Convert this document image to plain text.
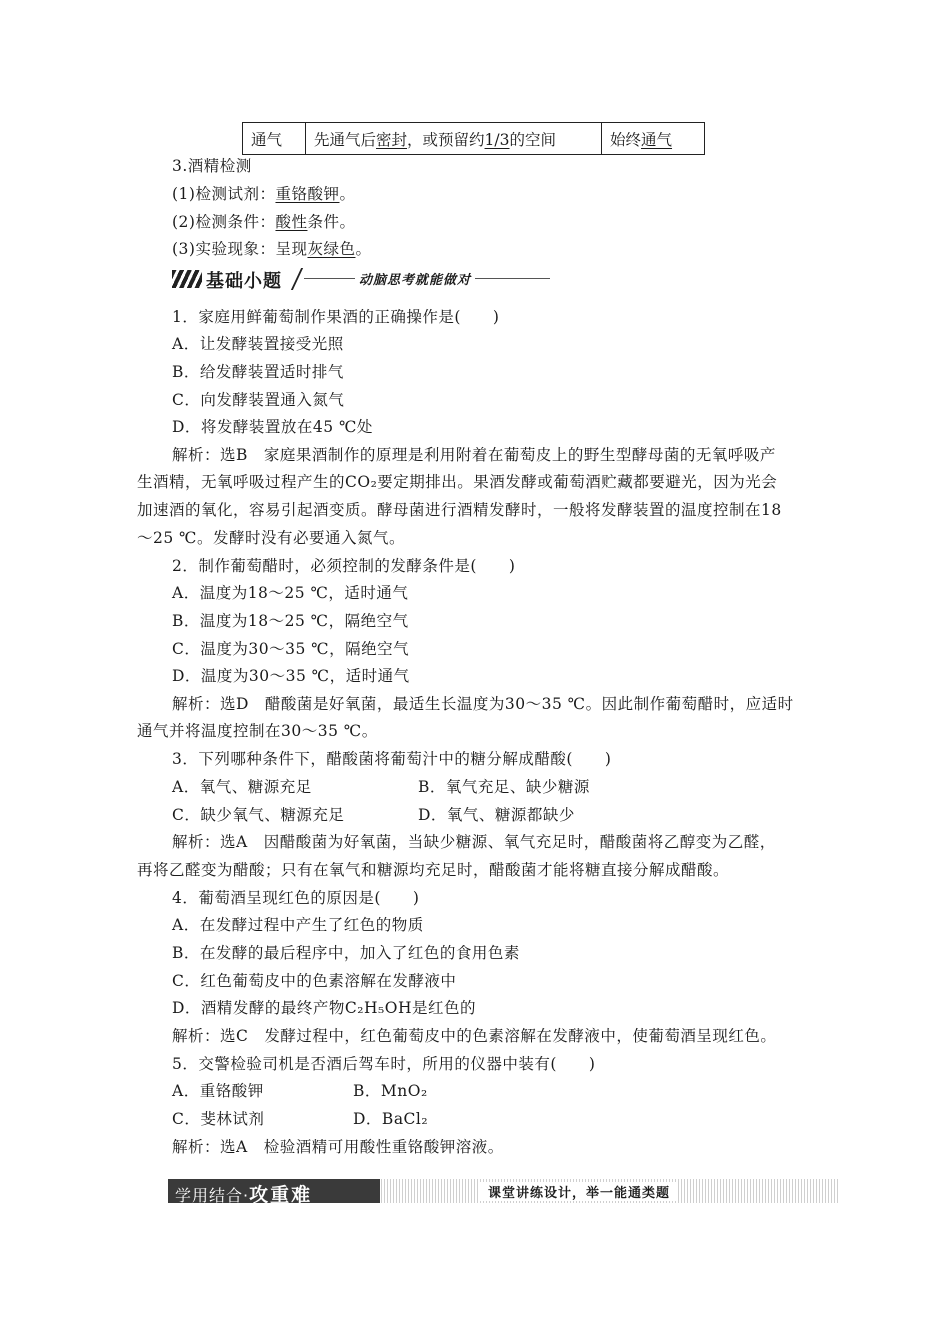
通气	先通气后密封，或预留约1/3的空间	始终通气
3.酒精检测
(1)检测试剂：重铬酸钾。
(2)检测条件：酸性条件。
(3)实验现象：呈现灰绿色。
基础小题	动脑思考就能做对
1．家庭用鲜葡萄制作果酒的正确操作是(　　)
A．让发酵装置接受光照
B．给发酵装置适时排气
C．向发酵装置通入氮气
D．将发酵装置放在45 ℃处
解析：选B　家庭果酒制作的原理是利用附着在葡萄皮上的野生型酵母菌的无氧呼吸产
生酒精，无氧呼吸过程产生的CO₂要定期排出。果酒发酵或葡萄酒贮藏都要避光，因为光会
加速酒的氧化，容易引起酒变质。酵母菌进行酒精发酵时，一般将发酵装置的温度控制在18
～25 ℃。发酵时没有必要通入氮气。
2．制作葡萄醋时，必须控制的发酵条件是(　　)
A．温度为18～25 ℃，适时通气
B．温度为18～25 ℃，隔绝空气
C．温度为30～35 ℃，隔绝空气
D．温度为30～35 ℃，适时通气
解析：选D　醋酸菌是好氧菌，最适生长温度为30～35 ℃。因此制作葡萄醋时，应适时
通气并将温度控制在30～35 ℃。
3．下列哪种条件下，醋酸菌将葡萄汁中的糖分解成醋酸(　　)
A．氧气、糖源充足	B．氧气充足、缺少糖源
C．缺少氧气、糖源充足	D．氧气、糖源都缺少
解析：选A　因醋酸菌为好氧菌，当缺少糖源、氧气充足时，醋酸菌将乙醇变为乙醛，
再将乙醛变为醋酸；只有在氧气和糖源均充足时，醋酸菌才能将糖直接分解成醋酸。
4．葡萄酒呈现红色的原因是(　　)
A．在发酵过程中产生了红色的物质
B．在发酵的最后程序中，加入了红色的食用色素
C．红色葡萄皮中的色素溶解在发酵液中
D．酒精发酵的最终产物C₂H₅OH是红色的
解析：选C　发酵过程中，红色葡萄皮中的色素溶解在发酵液中，使葡萄酒呈现红色。
5．交警检验司机是否酒后驾车时，所用的仪器中装有(　　)
A．重铬酸钾	B．MnO₂
C．斐林试剂	D．BaCl₂
解析：选A　检验酒精可用酸性重铬酸钾溶液。
学用结合·攻重难	课堂讲练设计，举一能通类题
